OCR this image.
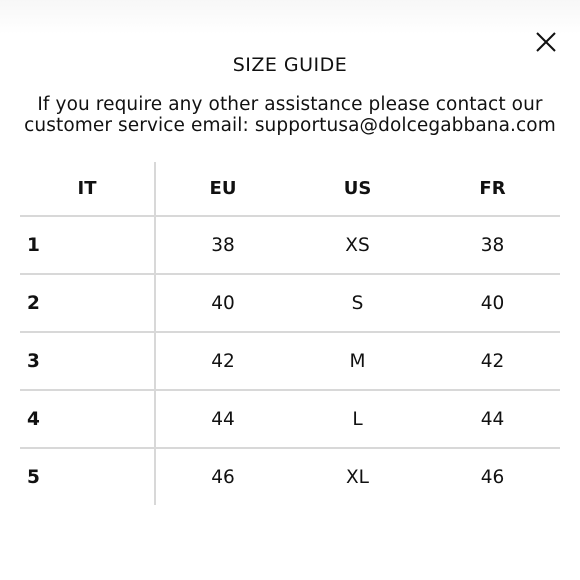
SIZE GUIDE
If you require any other assistance please contact our
customer service email: supportusa@dolcegabbana.com
IT	EU	US	FR
1	38	XS	38
2	40	S	40
3	42	M	42
4	44	L	44
5	46	XL	46
